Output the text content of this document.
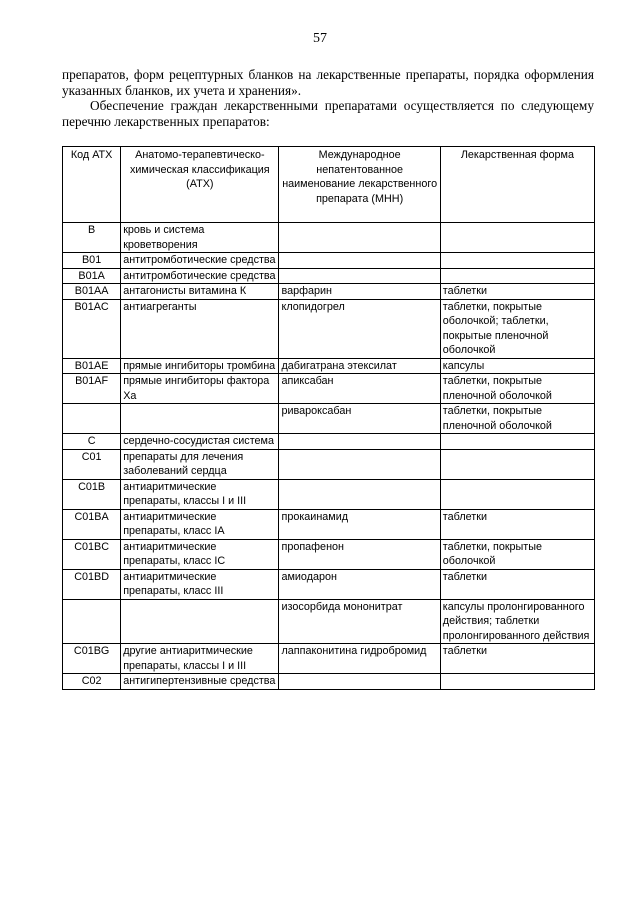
57

препаратов, форм рецептурных бланков на лекарственные препараты, порядка оформления указанных бланков, их учета и хранения».

Обеспечение граждан лекарственными препаратами осуществляется по следующему перечню лекарственных препаратов:

Код АТХ	Анатомо-терапевтическо-химическая классификация (АТХ)	Международное непатентованное наименование лекарственного препарата (МНН)	Лекарственная форма
B	кровь и система кроветворения		
B01	антитромботические средства		
B01A	антитромботические средства		
B01AA	антагонисты витамина К	варфарин	таблетки
B01AC	антиагреганты	клопидогрел	таблетки, покрытые оболочкой; таблетки, покрытые пленочной оболочкой
B01AE	прямые ингибиторы тромбина	дабигатрана этексилат	капсулы
B01AF	прямые ингибиторы фактора Xa	апиксабан	таблетки, покрытые пленочной оболочкой
		ривароксабан	таблетки, покрытые пленочной оболочкой
C	сердечно-сосудистая система		
C01	препараты для лечения заболеваний сердца		
C01B	антиаритмические препараты, классы I и III		
C01BA	антиаритмические препараты, класс IA	прокаинамид	таблетки
C01BC	антиаритмические препараты, класс IC	пропафенон	таблетки, покрытые оболочкой
C01BD	антиаритмические препараты, класс III	амиодарон	таблетки
		изосорбида мононитрат	капсулы пролонгированного действия; таблетки пролонгированного действия
C01BG	другие антиаритмические препараты, классы I и III	лаппаконитина гидробромид	таблетки
C02	антигипертензивные средства		
